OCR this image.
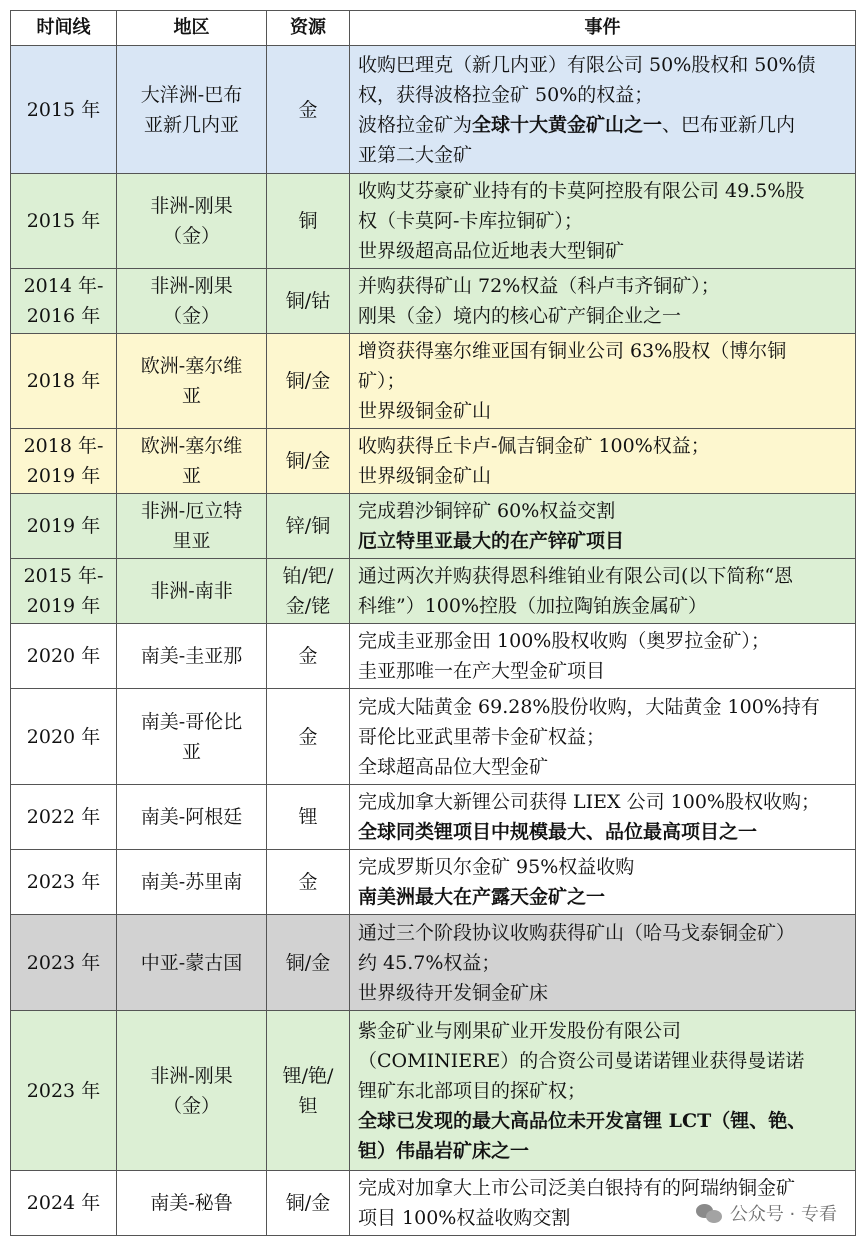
时间线	地区	资源	事件

2015 年	大洋洲-巴布
亚新几内亚	金	收购巴理克（新几内亚）有限公司 50%股权和 50%债
权，获得波格拉金矿 50%的权益；
波格拉金矿为全球十大黄金矿山之一、巴布亚新几内
亚第二大金矿

2015 年	非洲-刚果
（金）	铜	收购艾芬豪矿业持有的卡莫阿控股有限公司 49.5%股
权（卡莫阿-卡库拉铜矿）；
世界级超高品位近地表大型铜矿

2014 年-
2016 年	非洲-刚果
（金）	铜/钴	并购获得矿山 72%权益（科卢韦齐铜矿）；
刚果（金）境内的核心矿产铜企业之一

2018 年	欧洲-塞尔维
亚	铜/金	增资获得塞尔维亚国有铜业公司 63%股权（博尔铜
矿）；
世界级铜金矿山

2018 年-
2019 年	欧洲-塞尔维
亚	铜/金	收购获得丘卡卢-佩吉铜金矿 100%权益；
世界级铜金矿山

2019 年	非洲-厄立特
里亚	锌/铜	完成碧沙铜锌矿 60%权益交割
厄立特里亚最大的在产锌矿项目

2015 年-
2019 年	非洲-南非	铂/钯/
金/铑	通过两次并购获得恩科维铂业有限公司(以下简称“恩
科维”）100%控股（加拉陶铂族金属矿）

2020 年	南美-圭亚那	金	完成圭亚那金田 100%股权收购（奥罗拉金矿）；
圭亚那唯一在产大型金矿项目

2020 年	南美-哥伦比
亚	金	完成大陆黄金 69.28%股份收购，大陆黄金 100%持有
哥伦比亚武里蒂卡金矿权益；
全球超高品位大型金矿

2022 年	南美-阿根廷	锂	完成加拿大新锂公司获得 LIEX 公司 100%股权收购；
全球同类锂项目中规模最大、品位最高项目之一

2023 年	南美-苏里南	金	完成罗斯贝尔金矿 95%权益收购
南美洲最大在产露天金矿之一

2023 年	中亚-蒙古国	铜/金	通过三个阶段协议收购获得矿山（哈马戈泰铜金矿）
约 45.7%权益；
世界级待开发铜金矿床

2023 年	非洲-刚果
（金）	锂/铯/
钽	紫金矿业与刚果矿业开发股份有限公司
（COMINIERE）的合资公司曼诺诺锂业获得曼诺诺
锂矿东北部项目的探矿权；
全球已发现的最大高品位未开发富锂 LCT（锂、铯、
钽）伟晶岩矿床之一

2024 年	南美-秘鲁	铜/金	完成对加拿大上市公司泛美白银持有的阿瑞纳铜金矿
项目 100%权益收购交割	公众号 · 专看
